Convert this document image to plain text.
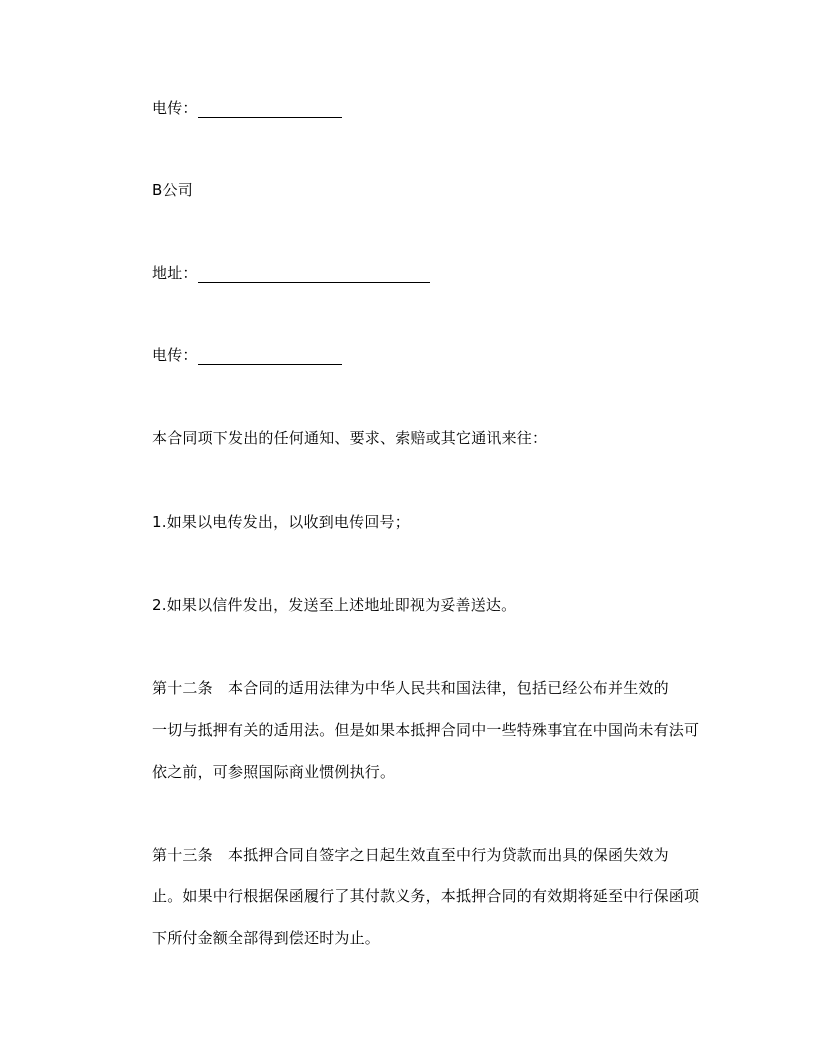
电传：
B公司
地址：
电传：
本合同项下发出的任何通知、要求、索赔或其它通讯来往：
1.如果以电传发出，以收到电传回号；
2.如果以信件发出，发送至上述地址即视为妥善送达。
第十二条　本合同的适用法律为中华人民共和国法律，包括已经公布并生效的
一切与抵押有关的适用法。但是如果本抵押合同中一些特殊事宜在中国尚未有法可
依之前，可参照国际商业惯例执行。
第十三条　本抵押合同自签字之日起生效直至中行为贷款而出具的保函失效为
止。如果中行根据保函履行了其付款义务，本抵押合同的有效期将延至中行保函项
下所付金额全部得到偿还时为止。
